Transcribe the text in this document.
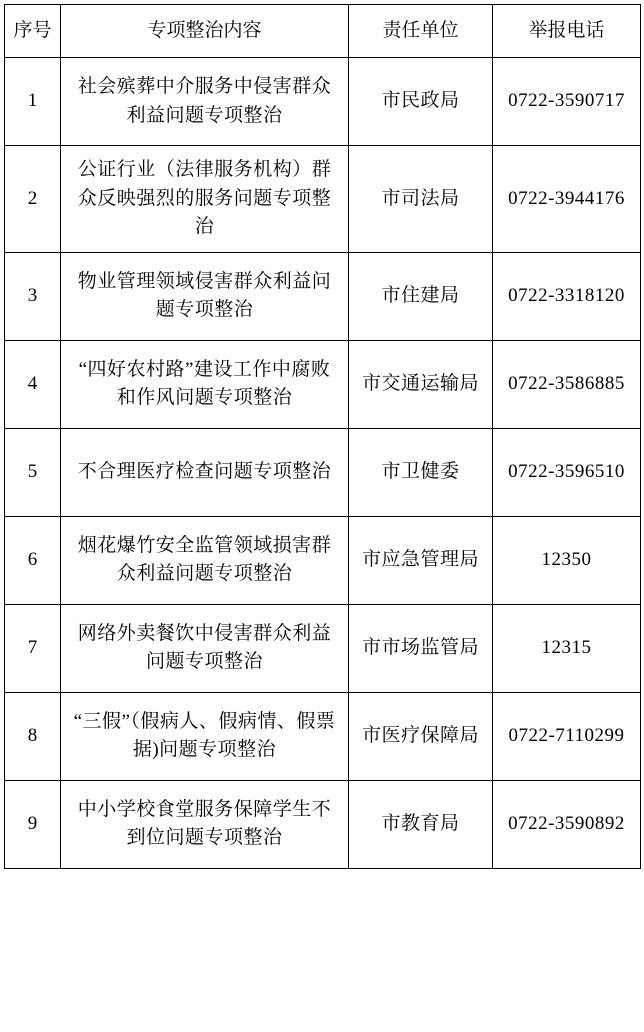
序号	专项整治内容	责任单位	举报电话
1	社会殡葬中介服务中侵害群众利益问题专项整治	市民政局	0722-3590717
2	公证行业（法律服务机构）群众反映强烈的服务问题专项整治	市司法局	0722-3944176
3	物业管理领域侵害群众利益问题专项整治	市住建局	0722-3318120
4	“四好农村路”建设工作中腐败和作风问题专项整治	市交通运输局	0722-3586885
5	不合理医疗检查问题专项整治	市卫健委	0722-3596510
6	烟花爆竹安全监管领域损害群众利益问题专项整治	市应急管理局	12350
7	网络外卖餐饮中侵害群众利益问题专项整治	市市场监管局	12315
8	“三假”（假病人、假病情、假票据)问题专项整治	市医疗保障局	0722-7110299
9	中小学校食堂服务保障学生不到位问题专项整治	市教育局	0722-3590892
